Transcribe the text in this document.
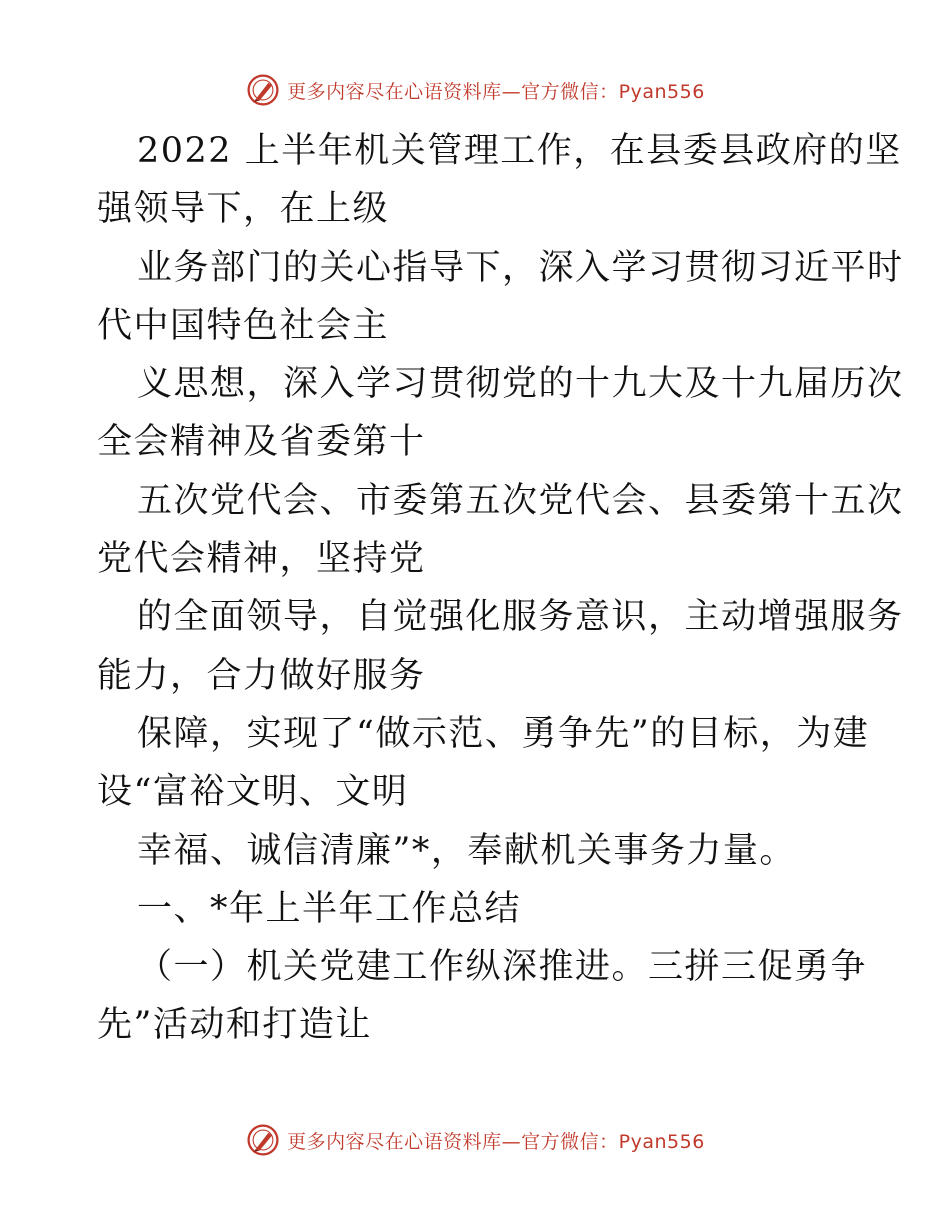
更多内容尽在心语资料库—官方微信：Pyan556
2022 上半年机关管理工作，在县委县政府的坚
强领导下，在上级
业务部门的关心指导下，深入学习贯彻习近平时
代中国特色社会主
义思想，深入学习贯彻党的十九大及十九届历次
全会精神及省委第十
五次党代会、市委第五次党代会、县委第十五次
党代会精神，坚持党
的全面领导，自觉强化服务意识，主动增强服务
能力，合力做好服务
保障，实现了“做示范、勇争先”的目标，为建
设“富裕文明、文明
幸福、诚信清廉”*，奉献机关事务力量。
一、*年上半年工作总结
（一）机关党建工作纵深推进。三拼三促勇争
先”活动和打造让
更多内容尽在心语资料库—官方微信：Pyan556
